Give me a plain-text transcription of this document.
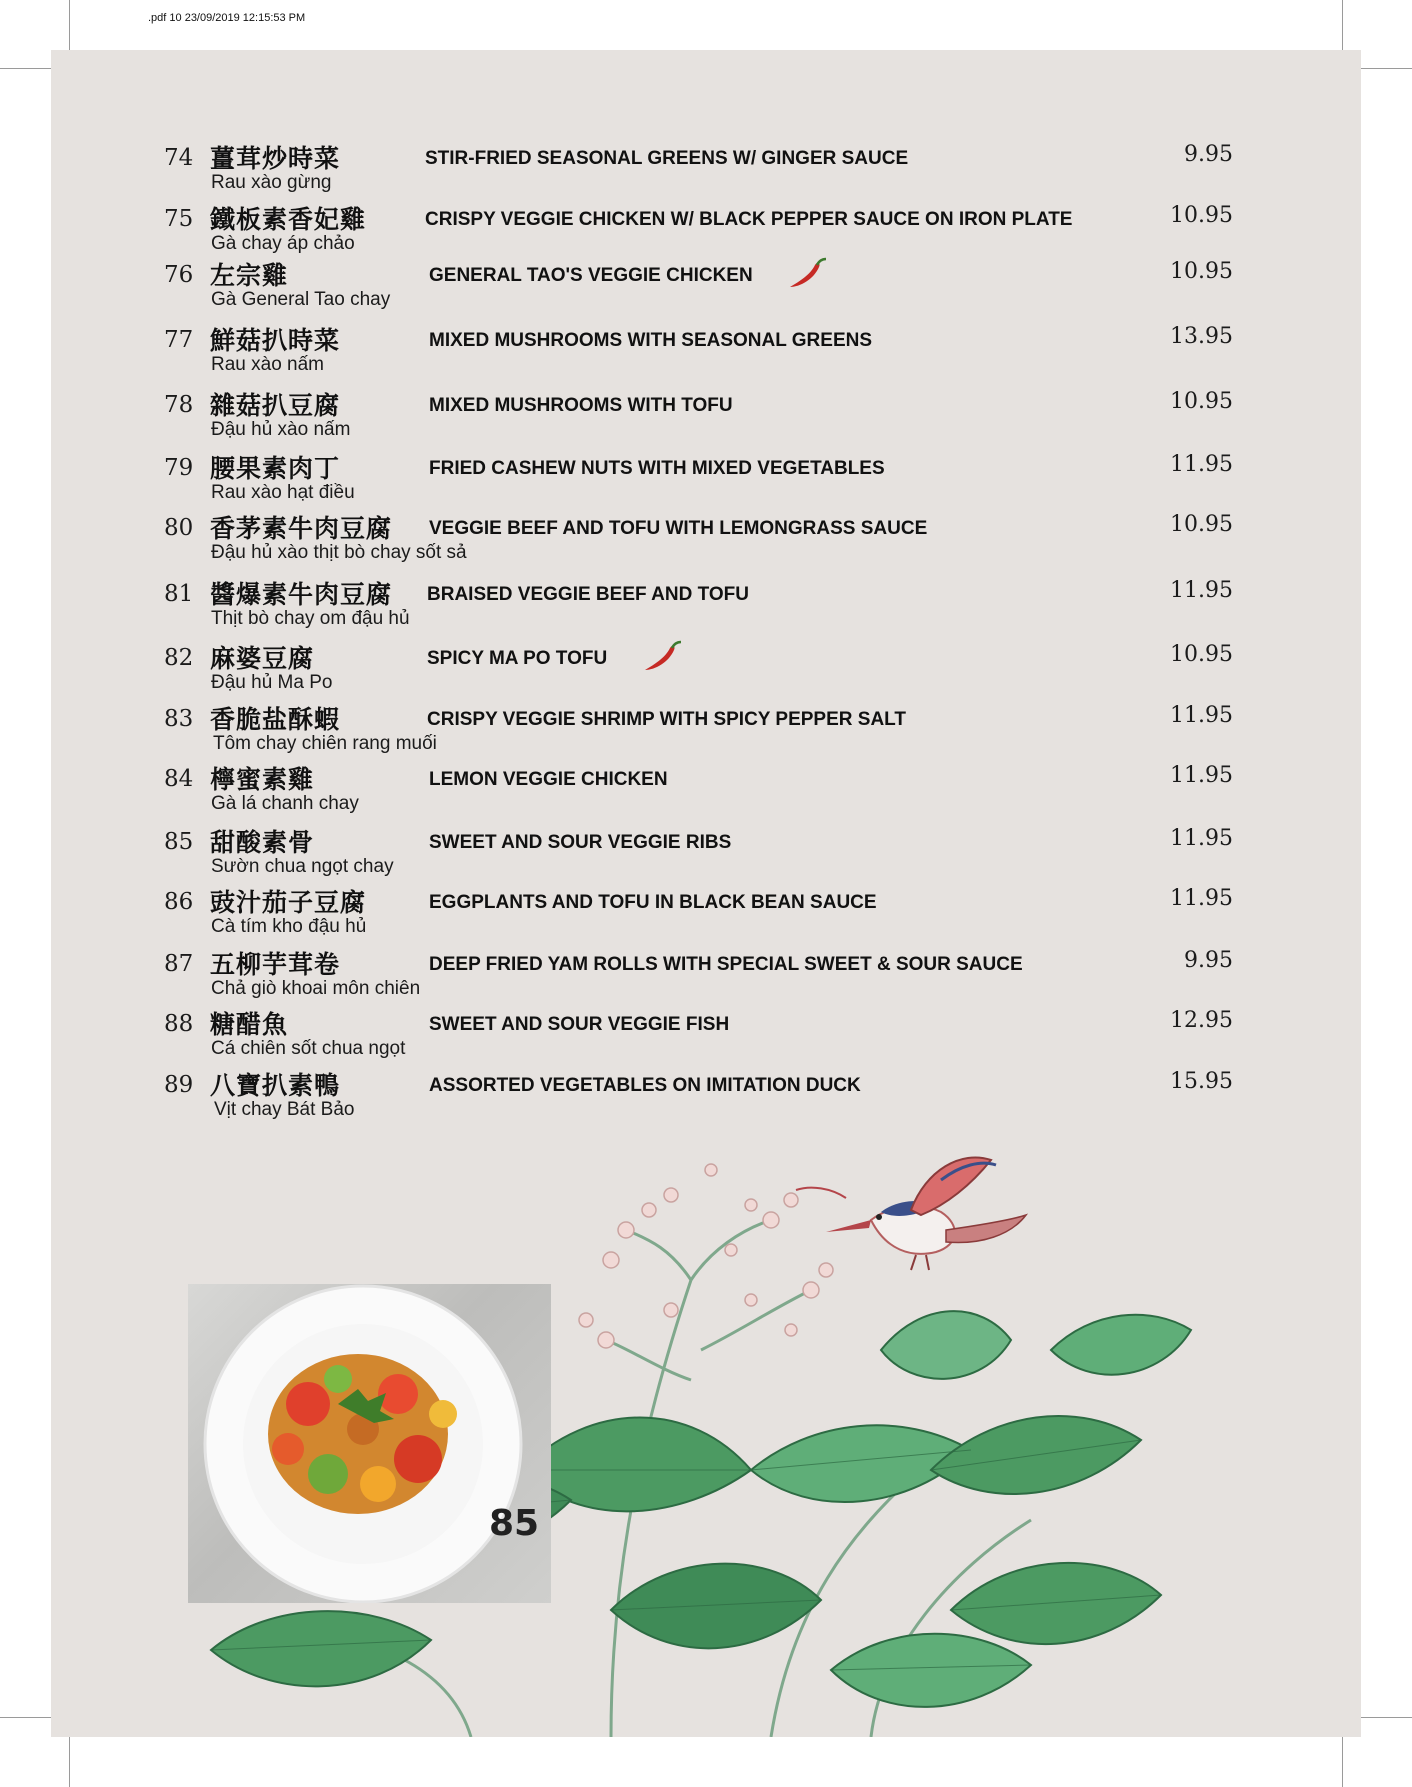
.pdf 10 23/09/2019 12:15:53 PM
85
74 薑茸炒時菜
Rau xào gừng
STIR-FRIED SEASONAL GREENS W/ GINGER SAUCE	9.95
75 鐵板素香妃雞
Gà chay áp chảo
CRISPY VEGGIE CHICKEN W/ BLACK PEPPER SAUCE ON IRON PLATE	10.95
76 左宗雞
Gà General Tao chay
GENERAL TAO'S VEGGIE CHICKEN	10.95
77 鮮菇扒時菜
Rau xào nấm
MIXED MUSHROOMS WITH SEASONAL GREENS	13.95
78 雜菇扒豆腐
Đậu hủ xào nấm
MIXED MUSHROOMS WITH TOFU	10.95
79 腰果素肉丁
Rau xào hạt điều
FRIED CASHEW NUTS WITH MIXED VEGETABLES	11.95
80 香茅素牛肉豆腐
Đậu hủ xào thịt bò chay sốt sả
VEGGIE BEEF AND TOFU WITH LEMONGRASS SAUCE	10.95
81 醬爆素牛肉豆腐
Thịt bò chay om đậu hủ
BRAISED VEGGIE BEEF AND TOFU	11.95
82 麻婆豆腐
Đậu hủ Ma Po
SPICY MA PO TOFU	10.95
83 香脆盐酥蝦
Tôm chay chiên rang muối
CRISPY VEGGIE SHRIMP WITH SPICY PEPPER SALT	11.95
84 檸蜜素雞
Gà lá chanh chay
LEMON VEGGIE CHICKEN	11.95
85 甜酸素骨
Sườn chua ngọt chay
SWEET AND SOUR VEGGIE RIBS	11.95
86 豉汁茄子豆腐
Cà tím kho đậu hủ
EGGPLANTS AND TOFU IN BLACK BEAN SAUCE	11.95
87 五柳芋茸卷
Chả giò khoai môn chiên
DEEP FRIED YAM ROLLS WITH SPECIAL SWEET & SOUR SAUCE	9.95
88 糖醋魚
Cá chiên sốt chua ngọt
SWEET AND SOUR VEGGIE FISH	12.95
89 八寶扒素鴨
Vịt chay Bát Bảo
ASSORTED VEGETABLES ON IMITATION DUCK	15.95
